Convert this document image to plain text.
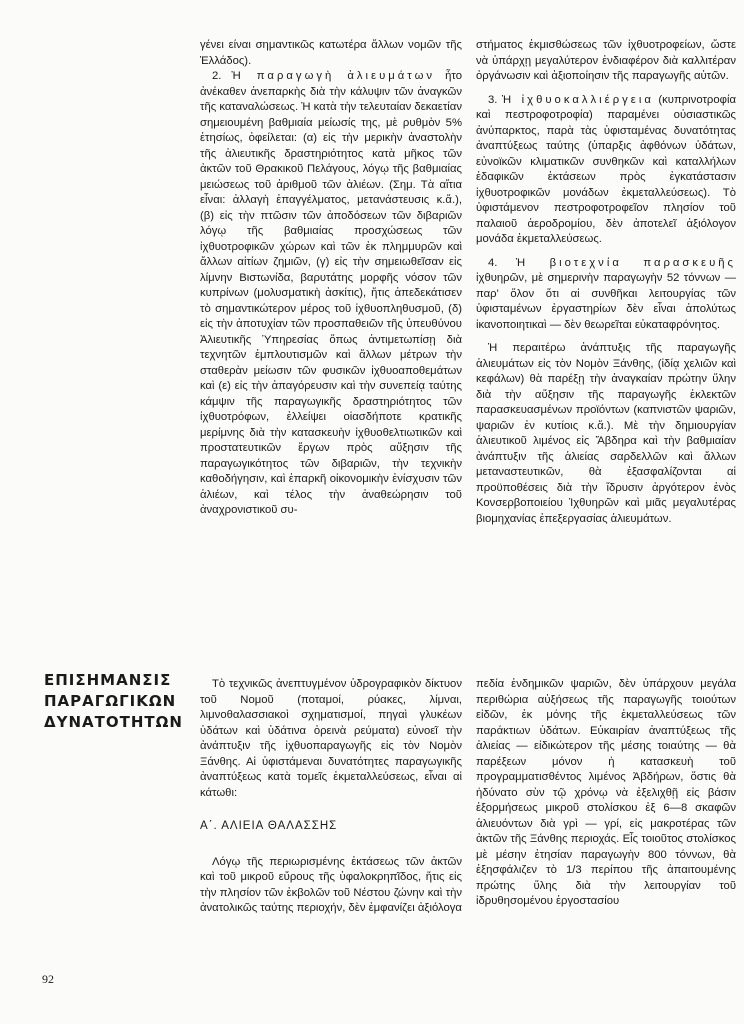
γένει είναι σημαντικῶς κατωτέρα ἄλλων νομῶν τῆς Ἑλλάδος).

2. Ἡ παραγωγὴ ἁλιευμάτων ἦτο ἀνέκαθεν ἀνεπαρκὴς διὰ τὴν κάλυψιν τῶν ἀναγκῶν τῆς καταναλώσεως. Ἡ κατὰ τὴν τελευταίαν δεκαετίαν σημειουμένη βαθμιαία μείωσίς της, μὲ ρυθμὸν 5% ἐτησίως, ὀφείλεται: (α) εἰς τὴν μερικὴν ἀναστολὴν τῆς ἁλιευτικῆς δραστηριότητος κατὰ μῆκος τῶν ἀκτῶν τοῦ Θρακικοῦ Πελάγους, λόγῳ τῆς βαθμιαίας μειώσεως τοῦ ἀριθμοῦ τῶν ἁλιέων. (Σημ. Τὰ αἴτια εἶναι: ἀλλαγὴ ἐπαγγέλματος, μετανάστευσις κ.ἄ.), (β) εἰς τὴν πτῶσιν τῶν ἀποδόσεων τῶν διβαριῶν λόγῳ τῆς βαθμιαίας προσχώσεως τῶν ἰχθυοτροφικῶν χώρων καὶ τῶν ἐκ πλημμυρῶν καὶ ἄλλων αἰτίων ζημιῶν, (γ) εἰς τὴν σημειωθεῖσαν εἰς λίμνην Βιστωνίδα, βαρυτάτης μορφῆς νόσον τῶν κυπρίνων (μολυσματικὴ ἀσκίτις), ἥτις ἀπεδεκάτισεν τὸ σημαντικώτερον μέρος τοῦ ἰχθυοπληθυσμοῦ, (δ) εἰς τὴν ἀποτυχίαν τῶν προσπαθειῶν τῆς ὑπευθύνου Ἁλιευτικῆς Ὑπηρεσίας ὅπως ἀντιμετωπίσῃ διὰ τεχνητῶν ἐμπλουτισμῶν καὶ ἄλλων μέτρων τὴν σταθερὰν μείωσιν τῶν φυσικῶν ἰχθυοαποθεμάτων καὶ (ε) εἰς τὴν ἀπαγόρευσιν καὶ τὴν συνεπείᾳ ταύτης κάμψιν τῆς παραγωγικῆς δραστηριότητος τῶν ἰχθυοτρόφων, ἐλλείψει οἱασδήποτε κρατικῆς μερίμνης διὰ τὴν κατασκευὴν ἰχθυοθελτιωτικῶν καὶ προστατευτικῶν ἔργων πρὸς αὔξησιν τῆς παραγωγικότητος τῶν διβαριῶν, τὴν τεχνικὴν καθοδήγησιν, καὶ ἐπαρκῆ οἰκονομικὴν ἐνίσχυσιν τῶν ἁλιέων, καὶ τέλος τὴν ἀναθεώρησιν τοῦ ἀναχρονιστικοῦ συ-

στήματος ἐκμισθώσεως τῶν ἰχθυοτροφείων, ὥστε νὰ ὑπάρχῃ μεγαλύτερον ἐνδιαφέρον διὰ καλλιτέραν ὀργάνωσιν καὶ ἀξιοποίησιν τῆς παραγωγῆς αὐτῶν.

3. Ἡ ἰχθυοκαλλιέργεια (κυπρινοτροφία καὶ πεστροφοτροφία) παραμένει οὐσιαστικῶς ἀνύπαρκτος, παρὰ τὰς ὑφισταμένας δυνατότητας ἀναπτύξεως ταύτης (ὑπαρξις ἀφθόνων ὑδάτων, εὐνοϊκῶν κλιματικῶν συνθηκῶν καὶ καταλλήλων ἐδαφικῶν ἐκτάσεων πρὸς ἐγκατάστασιν ἰχθυοτροφικῶν μονάδων ἐκμεταλλεύσεως). Τὸ ὑφιστάμενον πεστροφοτροφεῖον πλησίον τοῦ παλαιοῦ ἀεροδρομίου, δὲν ἀποτελεῖ ἀξιόλογον μονάδα ἐκμεταλλεύσεως.

4. Ἡ βιοτεχνία παρασκευῆς ἰχθυηρῶν, μὲ σημερινὴν παραγωγὴν 52 τόννων — παρ' ὅλον ὅτι αἱ συνθῆκαι λειτουργίας τῶν ὑφισταμένων ἐργαστηρίων δὲν εἶναι ἀπολύτως ἱκανοποιητικαὶ — δὲν θεωρεῖται εὐκαταφρόνητος.

Ἡ περαιτέρω ἀνάπτυξις τῆς παραγωγῆς ἁλιευμάτων εἰς τὸν Νομὸν Ξάνθης, (ἰδίᾳ χελιῶν καὶ κεφάλων) θὰ παρέξῃ τὴν ἀναγκαίαν πρώτην ὕλην διὰ τὴν αὔξησιν τῆς παραγωγῆς ἐκλεκτῶν παρασκευασμένων προϊόντων (καπνιστῶν ψαριῶν, ψαριῶν ἐν κυτίοις κ.ἄ.). Μὲ τὴν δημιουργίαν ἁλιευτικοῦ λιμένος εἰς Ἄβδηρα καὶ τὴν βαθμιαίαν ἀνάπτυξιν τῆς ἁλιείας σαρδελλῶν καὶ ἄλλων μεταναστευτικῶν, θὰ ἐξασφαλίζονται αἱ προϋποθέσεις διὰ τὴν ἵδρυσιν ἀργότερον ἑνὸς Κονσερβοποιείου Ἰχθυηρῶν καὶ μιᾶς μεγαλυτέρας βιομηχανίας ἐπεξεργασίας ἁλιευμάτων.

ΕΠΙΣΗΜΑΝΣΙΣ
ΠΑΡΑΓΩΓΙΚΩΝ
ΔΥΝΑΤΟΤΗΤΩΝ

Τὸ τεχνικῶς ἀνεπτυγμένον ὑδρογραφικὸν δίκτυον τοῦ Νομοῦ (ποταμοί, ρύακες, λίμναι, λιμνοθαλασσιακοὶ σχηματισμοί, πηγαὶ γλυκέων ὑδάτων καὶ ὑδάτινα ὀρεινὰ ρεύματα) εὐνοεῖ τὴν ἀνάπτυξιν τῆς ἰχθυοπαραγωγῆς εἰς τὸν Νομὸν Ξάνθης. Αἱ ὑφιστάμεναι δυνατότητες παραγωγικῆς ἀναπτύξεως κατὰ τομεῖς ἐκμεταλλεύσεως, εἶναι αἱ κάτωθι:

Α΄. ΑΛΙΕΙΑ ΘΑΛΑΣΣΗΣ

Λόγῳ τῆς περιωρισμένης ἐκτάσεως τῶν ἀκτῶν καὶ τοῦ μικροῦ εὔρους τῆς ὑφαλοκρηπῖδος, ἥτις εἰς τὴν πλησίον τῶν ἐκβολῶν τοῦ Νέστου ζώνην καὶ τὴν ἀνατολικῶς ταύτης περιοχήν, δὲν ἐμφανίζει ἀξιόλογα

πεδία ἐνδημικῶν ψαριῶν, δὲν ὑπάρχουν μεγάλα περιθώρια αὐξήσεως τῆς παραγωγῆς τοιούτων εἰδῶν, ἐκ μόνης τῆς ἐκμεταλλεύσεως τῶν παράκτιων ὑδάτων. Εὐκαιρίαν ἀναπτύξεως τῆς ἁλιείας — εἰδικώτερον τῆς μέσης τοιαύτης — θὰ παρέξεων μόνον ἡ κατασκευὴ τοῦ προγραμματισθέντος λιμένος Ἀβδήρων, ὅστις θὰ ἠδύνατο σὺν τῷ χρόνῳ νὰ ἐξελιχθῇ εἰς βάσιν ἐξορμήσεως μικροῦ στολίσκου ἐξ 6—8 σκαφῶν ἁλιευόντων διὰ γρὶ — γρί, εἰς μακροτέρας τῶν ἀκτῶν τῆς Ξάνθης περιοχάς. Εἷς τοιοῦτος στολίσκος μὲ μέσην ἐτησίαν παραγωγὴν 800 τόννων, θὰ ἐξησφάλιζεν τὸ 1/3 περίπου τῆς ἀπαιτουμένης πρώτης ὕλης διὰ τὴν λειτουργίαν τοῦ ἱδρυθησομένου ἐργοστασίου

92
